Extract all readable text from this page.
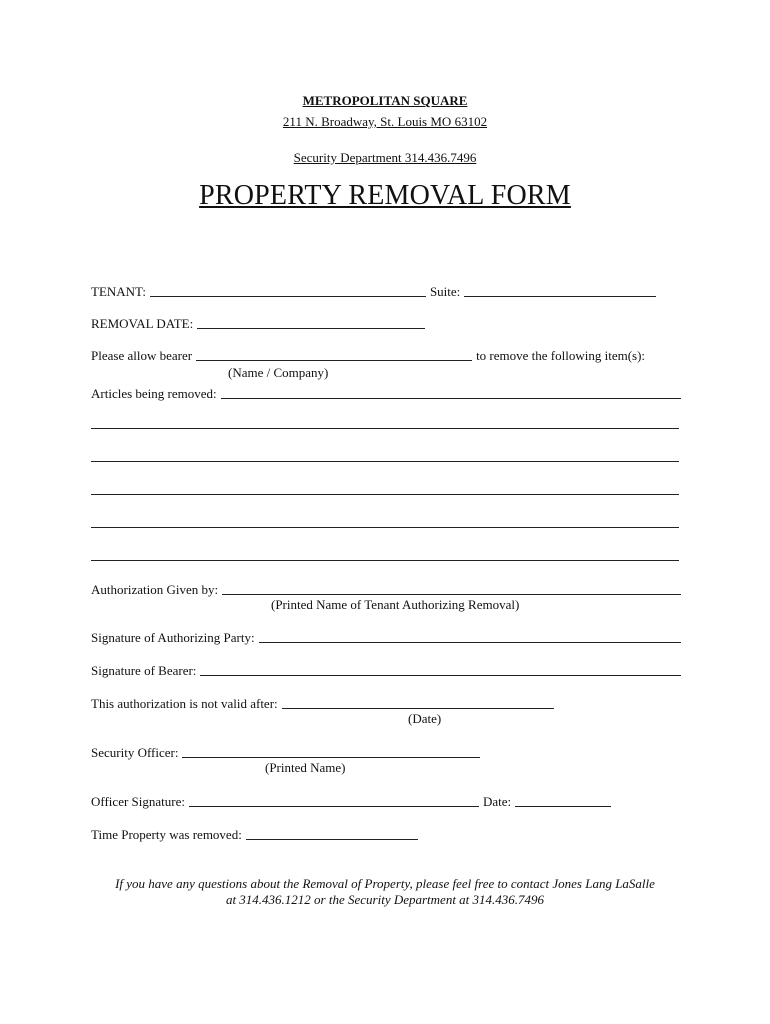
METROPOLITAN SQUARE
211 N. Broadway, St. Louis MO 63102
Security Department 314.436.7496
PROPERTY REMOVAL FORM
TENANT:	Suite:
REMOVAL DATE:
Please allow bearer	to remove the following item(s):
(Name / Company)
Articles being removed:
Authorization Given by:
(Printed Name of Tenant Authorizing Removal)
Signature of Authorizing Party:
Signature of Bearer:
This authorization is not valid after:
(Date)
Security Officer:
(Printed Name)
Officer Signature:	Date:
Time Property was removed:
If you have any questions about the Removal of Property, please feel free to contact Jones Lang LaSalle
at 314.436.1212 or the Security Department at 314.436.7496
